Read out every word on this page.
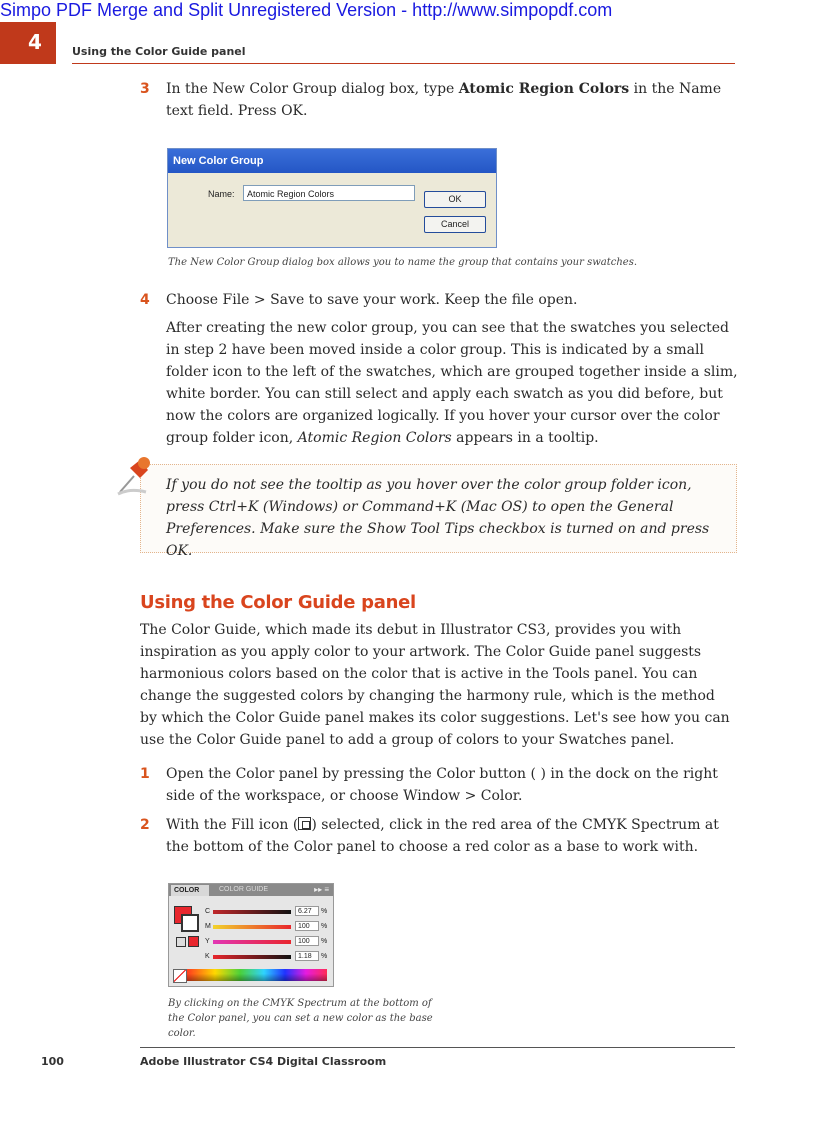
Simpo PDF Merge and Split Unregistered Version - http://www.simpopdf.com
4	Using the Color Guide panel
3 In the New Color Group dialog box, type Atomic Region Colors in the Name text field. Press OK.
New Color Group
Name:	Atomic Region Colors	OK
Cancel
The New Color Group dialog box allows you to name the group that contains your swatches.
4 Choose File > Save to save your work. Keep the file open.
After creating the new color group, you can see that the swatches you selected in step 2 have been moved inside a color group. This is indicated by a small folder icon to the left of the swatches, which are grouped together inside a slim, white border. You can still select and apply each swatch as you did before, but now the colors are organized logically. If you hover your cursor over the color group folder icon, Atomic Region Colors appears in a tooltip.
If you do not see the tooltip as you hover over the color group folder icon, press Ctrl+K (Windows) or Command+K (Mac OS) to open the General Preferences. Make sure the Show Tool Tips checkbox is turned on and press OK.
Using the Color Guide panel
The Color Guide, which made its debut in Illustrator CS3, provides you with inspiration as you apply color to your artwork. The Color Guide panel suggests harmonious colors based on the color that is active in the Tools panel. You can change the suggested colors by changing the harmony rule, which is the method by which the Color Guide panel makes its color suggestions. Let's see how you can use the Color Guide panel to add a group of colors to your Swatches panel.
1 Open the Color panel by pressing the Color button ( ) in the dock on the right side of the workspace, or choose Window > Color.
2 With the Fill icon ( ) selected, click in the red area of the CMYK Spectrum at the bottom of the Color panel to choose a red color as a base to work with.
COLOR	COLOR GUIDE	▸▸ ≡
C	6.27	%
M	100	%
Y	100	%
K	1.18	%
By clicking on the CMYK Spectrum at the bottom of the Color panel, you can set a new color as the base color.
100	Adobe Illustrator CS4 Digital Classroom
